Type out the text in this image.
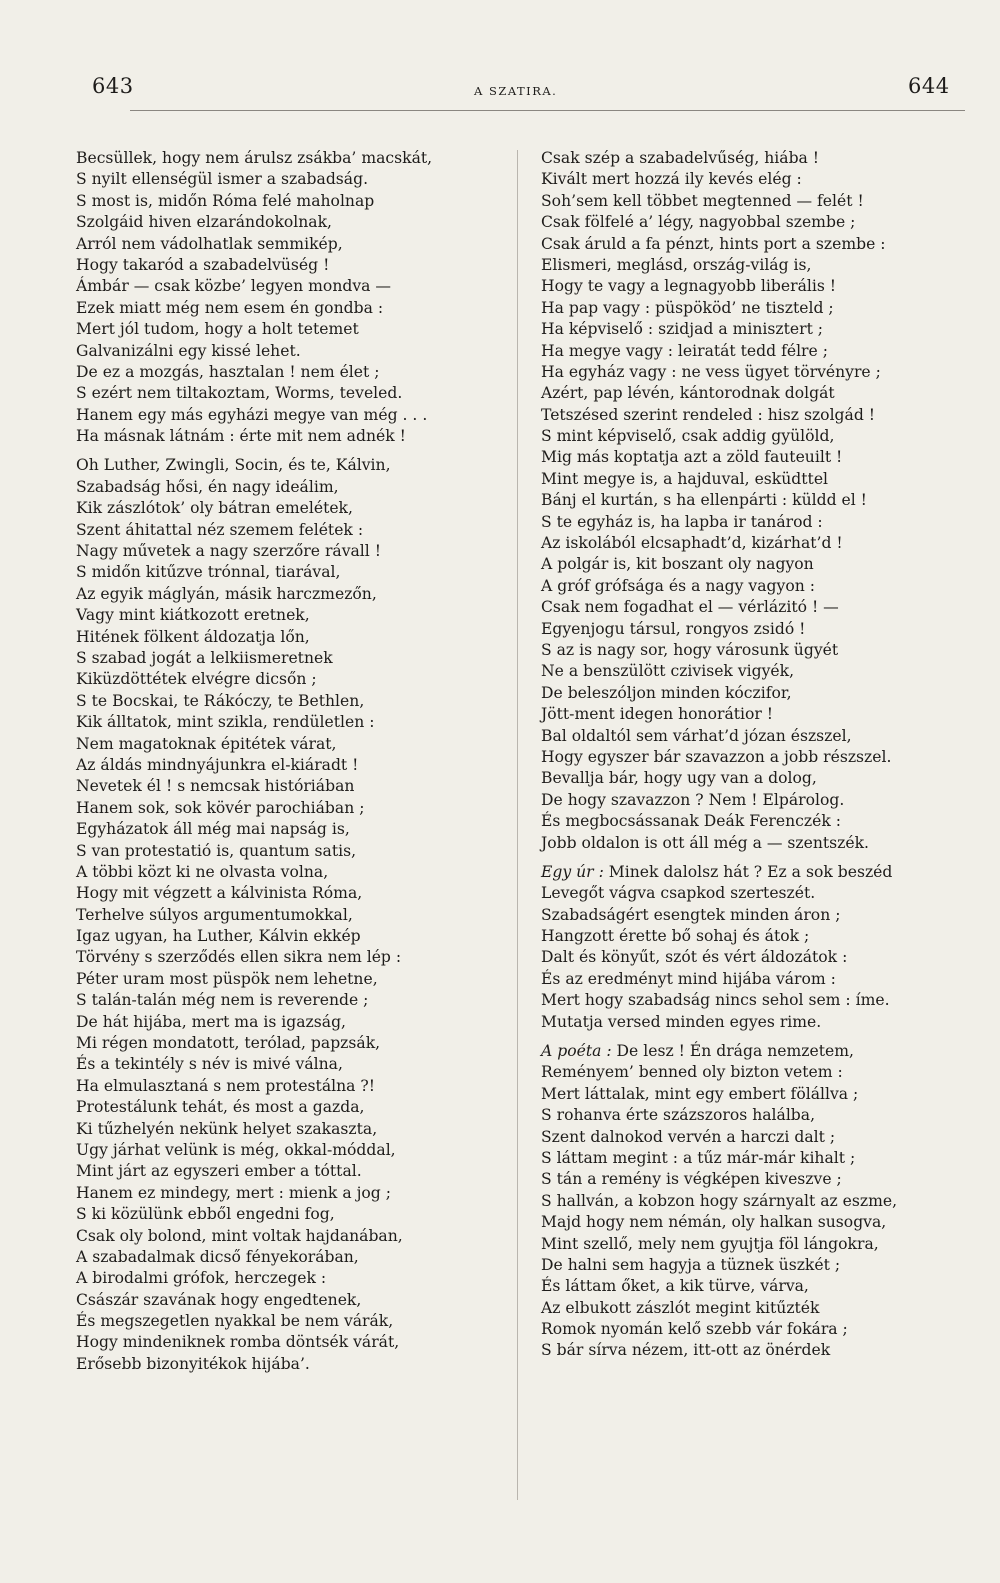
643	A SZATIRA.	644
Becsüllek, hogy nem árulsz zsákba’ macskát,
S nyilt ellenségül ismer a szabadság.
S most is, midőn Róma felé maholnap
Szolgáid hiven elzarándokolnak,
Arról nem vádolhatlak semmikép,
Hogy takaród a szabadelvüség !
Ámbár — csak közbe’ legyen mondva —
Ezek miatt még nem esem én gondba :
Mert jól tudom, hogy a holt tetemet
Galvanizálni egy kissé lehet.
De ez a mozgás, hasztalan ! nem élet ;
S ezért nem tiltakoztam, Worms, teveled.
Hanem egy más egyházi megye van még . . .
Ha másnak látnám : érte mit nem adnék !
Oh Luther, Zwingli, Socin, és te, Kálvin,
Szabadság hősi, én nagy ideálim,
Kik zászlótok’ oly bátran emelétek,
Szent áhitattal néz szemem felétek :
Nagy művetek a nagy szerzőre rávall !
S midőn kitűzve trónnal, tiarával,
Az egyik máglyán, másik harczmezőn,
Vagy mint kiátkozott eretnek,
Hitének fölkent áldozatja lőn,
S szabad jogát a lelkiismeretnek
Kiküzdöttétek elvégre dicsőn ;
S te Bocskai, te Rákóczy, te Bethlen,
Kik álltatok, mint szikla, rendületlen :
Nem magatoknak épitétek várat,
Az áldás mindnyájunkra el-kiáradt !
Nevetek él ! s nemcsak históriában
Hanem sok, sok kövér parochiában ;
Egyházatok áll még mai napság is,
S van protestatió is, quantum satis,
A többi közt ki ne olvasta volna,
Hogy mit végzett a kálvinista Róma,
Terhelve súlyos argumentumokkal,
Igaz ugyan, ha Luther, Kálvin ekkép
Törvény s szerződés ellen sikra nem lép :
Péter uram most püspök nem lehetne,
S talán-talán még nem is reverende ;
De hát hijába, mert ma is igazság,
Mi régen mondatott, terólad, papzsák,
És a tekintély s név is mivé válna,
Ha elmulasztaná s nem protestálna ?!
Protestálunk tehát, és most a gazda,
Ki tűzhelyén nekünk helyet szakaszta,
Ugy járhat velünk is még, okkal-móddal,
Mint járt az egyszeri ember a tóttal.
Hanem ez mindegy, mert : mienk a jog ;
S ki közülünk ebből engedni fog,
Csak oly bolond, mint voltak hajdanában,
A szabadalmak dicső fényekorában,
A birodalmi grófok, herczegek :
Császár szavának hogy engedtenek,
És megszegetlen nyakkal be nem várák,
Hogy mindeniknek romba döntsék várát,
Erősebb bizonyitékok hijába’.
Csak szép a szabadelvűség, hiába !
Kivált mert hozzá ily kevés elég :
Soh’sem kell többet megtenned — felét !
Csak fölfelé a’ légy, nagyobbal szembe ;
Csak áruld a fa pénzt, hints port a szembe :
Elismeri, meglásd, ország-világ is,
Hogy te vagy a legnagyobb liberális !
Ha pap vagy : püspököd’ ne tiszteld ;
Ha képviselő : szidjad a minisztert ;
Ha megye vagy : leiratát tedd félre ;
Ha egyház vagy : ne vess ügyet törvényre ;
Azért, pap lévén, kántorodnak dolgát
Tetszésed szerint rendeled : hisz szolgád !
S mint képviselő, csak addig gyülöld,
Mig más koptatja azt a zöld fauteuilt !
Mint megye is, a hajduval, esküdttel
Bánj el kurtán, s ha ellenpárti : küldd el !
S te egyház is, ha lapba ir tanárod :
Az iskolából elcsaphadt’d, kizárhat’d !
A polgár is, kit boszant oly nagyon
A gróf grófsága és a nagy vagyon :
Csak nem fogadhat el — vérlázitó ! —
Egyenjogu társul, rongyos zsidó !
S az is nagy sor, hogy városunk ügyét
Ne a benszülött czivisek vigyék,
De beleszóljon minden kóczifor,
Jött-ment idegen honorátior !
Bal oldaltól sem várhat’d józan észszel,
Hogy egyszer bár szavazzon a jobb részszel.
Bevallja bár, hogy ugy van a dolog,
De hogy szavazzon ? Nem ! Elpárolog.
És megbocsássanak Deák Ferenczék :
Jobb oldalon is ott áll még a — szentszék.
Egy úr : Minek dalolsz hát ? Ez a sok beszéd
Levegőt vágva csapkod szerteszét.
Szabadságért esengtek minden áron ;
Hangzott érette bő sohaj és átok ;
Dalt és könyűt, szót és vért áldozátok :
És az eredményt mind hijába várom :
Mert hogy szabadság nincs sehol sem : íme.
Mutatja versed minden egyes rime.
A poéta : De lesz ! Én drága nemzetem,
Reményem’ benned oly bizton vetem :
Mert láttalak, mint egy embert fölállva ;
S rohanva érte százszoros halálba,
Szent dalnokod vervén a harczi dalt ;
S láttam megint : a tűz már-már kihalt ;
S tán a remény is végképen kiveszve ;
S hallván, a kobzon hogy szárnyalt az eszme,
Majd hogy nem némán, oly halkan susogva,
Mint szellő, mely nem gyujtja föl lángokra,
De halni sem hagyja a tüznek üszkét ;
És láttam őket, a kik türve, várva,
Az elbukott zászlót megint kitűzték
Romok nyomán kelő szebb vár fokára ;
S bár sírva nézem, itt-ott az önérdek
